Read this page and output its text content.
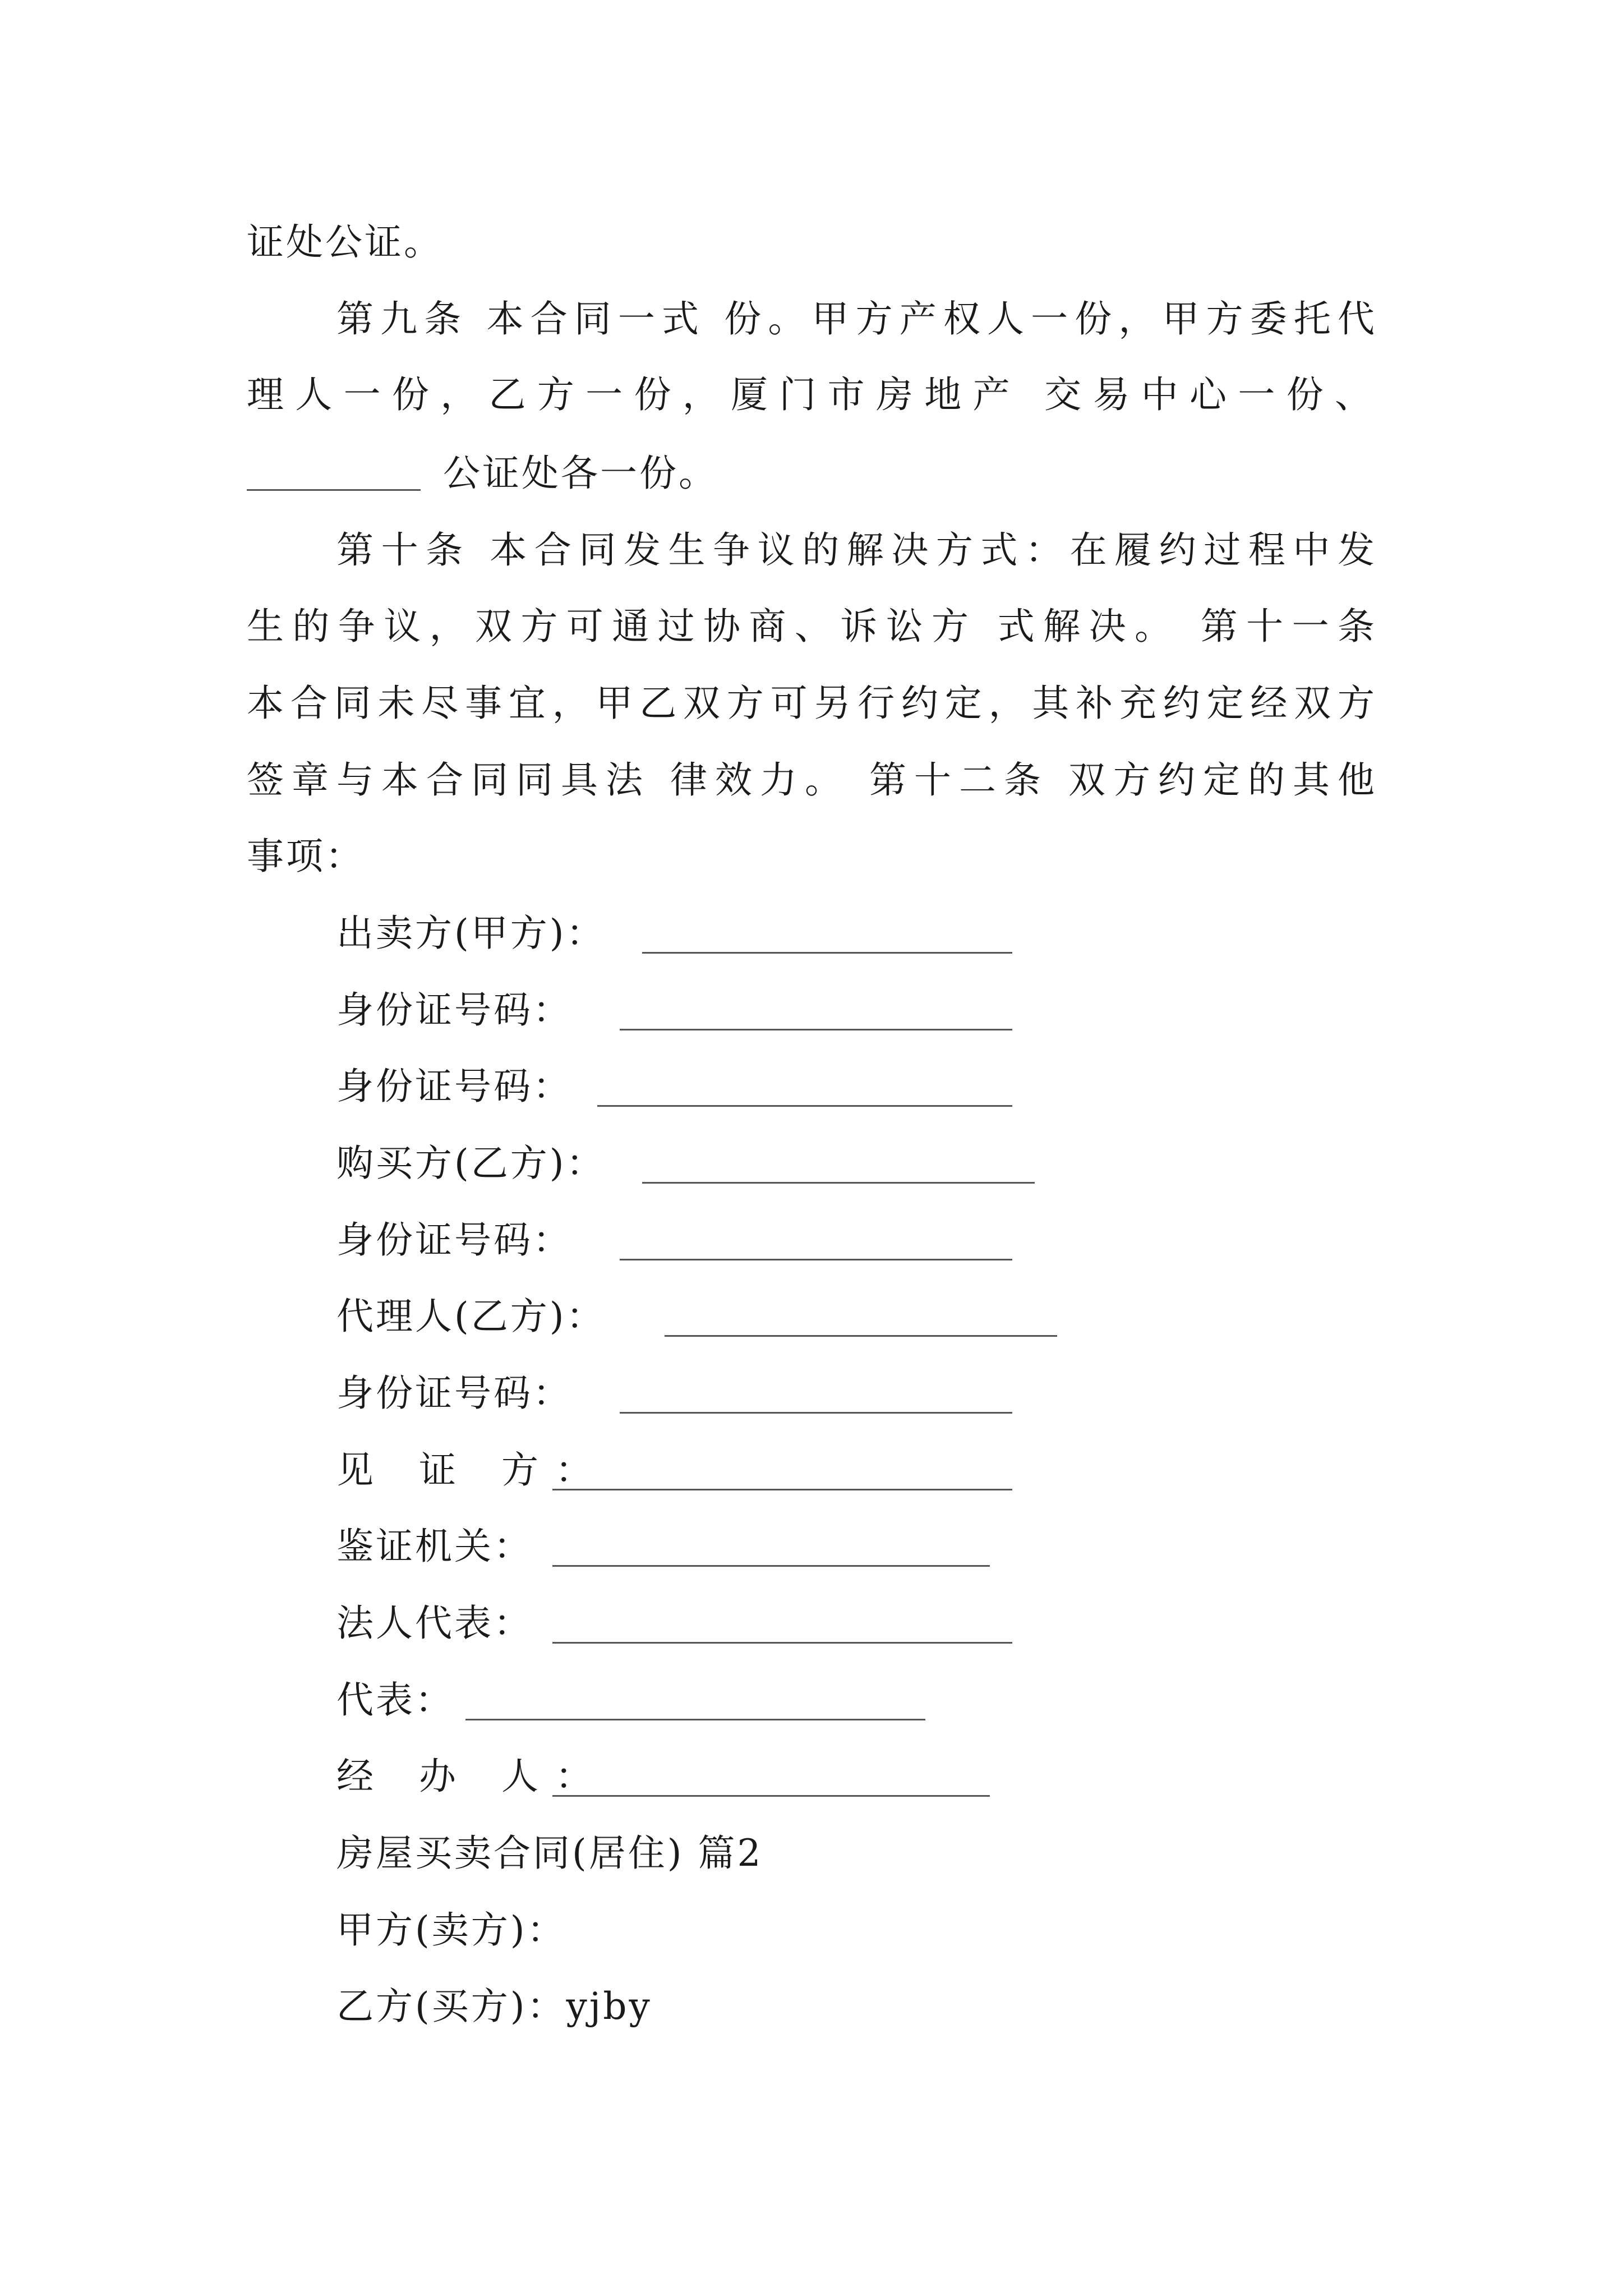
证处公证。
第九条 本合同一式 份。甲方产权人一份，甲方委托代
理人一份，乙方一份，厦门市房地产 交易中心一份、
公证处各一份。
第十条 本合同发生争议的解决方式：在履约过程中发
生的争议，双方可通过协商、诉讼方 式解决。 第十一条
本合同未尽事宜，甲乙双方可另行约定，其补充约定经双方
签章与本合同同具法 律效力。 第十二条 双方约定的其他
事项：
出卖方(甲方)：
身份证号码：
身份证号码：
购买方(乙方)：
身份证号码：
代理人(乙方)：
身份证号码：
见 证 方：
鉴证机关：
法人代表：
代表：
经 办 人：
房屋买卖合同(居住) 篇2
甲方(卖方)：
乙方(买方)：yjby
